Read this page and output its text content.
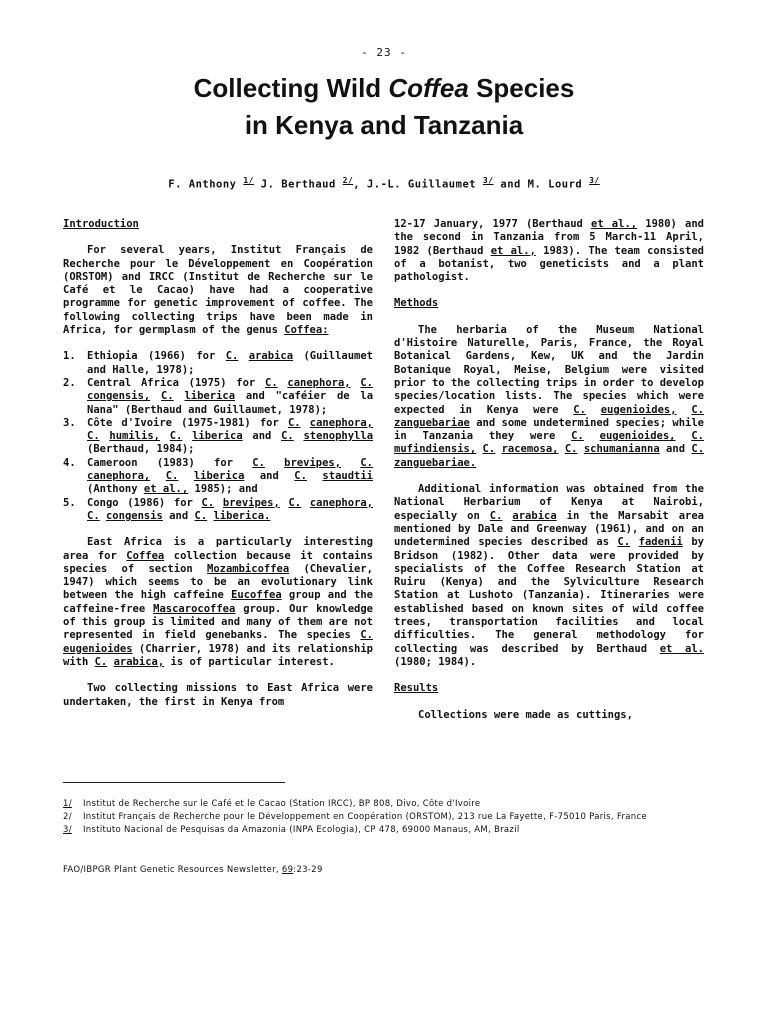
- 23 -
Collecting Wild Coffea Species
in Kenya and Tanzania
F. Anthony $^{1/}$ J. Berthaud $^{2/}$, J.-L. Guillaumet $^{3/}$ and M. Lourd $^{3/}$
Introduction

For several years, Institut Français de Recherche pour le Développement en Coopération (ORSTOM) and IRCC (Institut de Recherche sur le Café et le Cacao) have had a cooperative programme for genetic improvement of coffee. The following collecting trips have been made in Africa, for germplasm of the genus Coffea:

1. Ethiopia (1966) for C. arabica (Guillaumet and Halle, 1978);
2. Central Africa (1975) for C. canephora, C. congensis, C. liberica and "caféier de la Nana" (Berthaud and Guillaumet, 1978);
3. Côte d'Ivoire (1975-1981) for C. canephora, C. humilis, C. liberica and C. stenophylla (Berthaud, 1984);
4. Cameroon (1983) for C. brevipes, C. canephora, C. liberica and C. staudtii (Anthony et al., 1985); and
5. Congo (1986) for C. brevipes, C. canephora, C. congensis and C. liberica.

East Africa is a particularly interesting area for Coffea collection because it contains species of section Mozambicoffea (Chevalier, 1947) which seems to be an evolutionary link between the high caffeine Eucoffea group and the caffeine-free Mascarocoffea group. Our knowledge of this group is limited and many of them are not represented in field genebanks. The species C. eugenioides (Charrier, 1978) and its relationship with C. arabica, is of particular interest.

Two collecting missions to East Africa were undertaken, the first in Kenya from

12-17 January, 1977 (Berthaud et al., 1980) and the second in Tanzania from 5 March-11 April, 1982 (Berthaud et al., 1983). The team consisted of a botanist, two geneticists and a plant pathologist.

Methods

The herbaria of the Museum National d'Histoire Naturelle, Paris, France, the Royal Botanical Gardens, Kew, UK and the Jardin Botanique Royal, Meise, Belgium were visited prior to the collecting trips in order to develop species/location lists. The species which were expected in Kenya were C. eugenioides, C. zanguebariae and some undetermined species; while in Tanzania they were C. eugenioides, C. mufindiensis, C. racemosa, C. schumanianna and C. zanguebariae.

Additional information was obtained from the National Herbarium of Kenya at Nairobi, especially on C. arabica in the Marsabit area mentioned by Dale and Greenway (1961), and on an undetermined species described as C. fadenii by Bridson (1982). Other data were provided by specialists of the Coffee Research Station at Ruiru (Kenya) and the Sylviculture Research Station at Lushoto (Tanzania). Itineraries were established based on known sites of wild coffee trees, transportation facilities and local difficulties. The general methodology for collecting was described by Berthaud et al. (1980; 1984).

Results

Collections were made as cuttings,

1/ Institut de Recherche sur le Café et le Cacao (Station IRCC), BP 808, Divo, Côte d'Ivoire
2/ Institut Français de Recherche pour le Développement en Coopération (ORSTOM), 213 rue La Fayette, F-75010 Paris, France
3/ Instituto Nacional de Pesquisas da Amazonia (INPA Ecologia), CP 478, 69000 Manaus, AM, Brazil
FAO/IBPGR Plant Genetic Resources Newsletter, 69:23-29
